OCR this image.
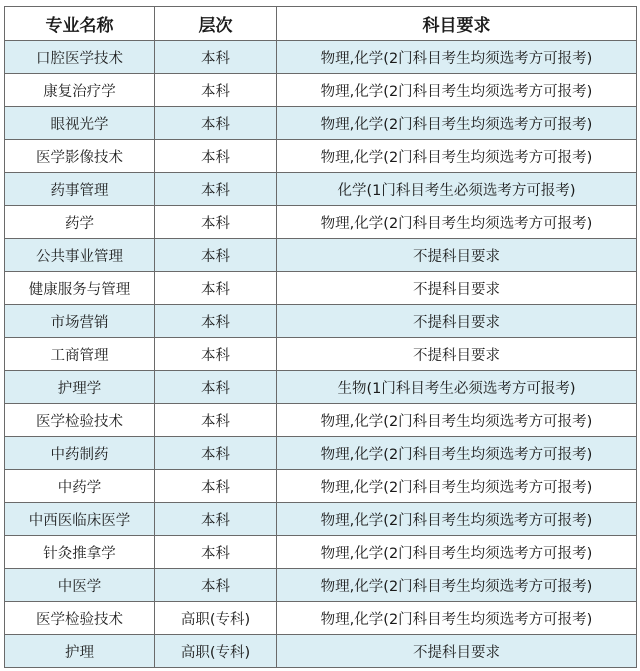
专业名称	层次	科目要求
口腔医学技术	本科	物理,化学(2门科目考生均须选考方可报考)
康复治疗学	本科	物理,化学(2门科目考生均须选考方可报考)
眼视光学	本科	物理,化学(2门科目考生均须选考方可报考)
医学影像技术	本科	物理,化学(2门科目考生均须选考方可报考)
药事管理	本科	化学(1门科目考生必须选考方可报考)
药学	本科	物理,化学(2门科目考生均须选考方可报考)
公共事业管理	本科	不提科目要求
健康服务与管理	本科	不提科目要求
市场营销	本科	不提科目要求
工商管理	本科	不提科目要求
护理学	本科	生物(1门科目考生必须选考方可报考)
医学检验技术	本科	物理,化学(2门科目考生均须选考方可报考)
中药制药	本科	物理,化学(2门科目考生均须选考方可报考)
中药学	本科	物理,化学(2门科目考生均须选考方可报考)
中西医临床医学	本科	物理,化学(2门科目考生均须选考方可报考)
针灸推拿学	本科	物理,化学(2门科目考生均须选考方可报考)
中医学	本科	物理,化学(2门科目考生均须选考方可报考)
医学检验技术	高职(专科)	物理,化学(2门科目考生均须选考方可报考)
护理	高职(专科)	不提科目要求
